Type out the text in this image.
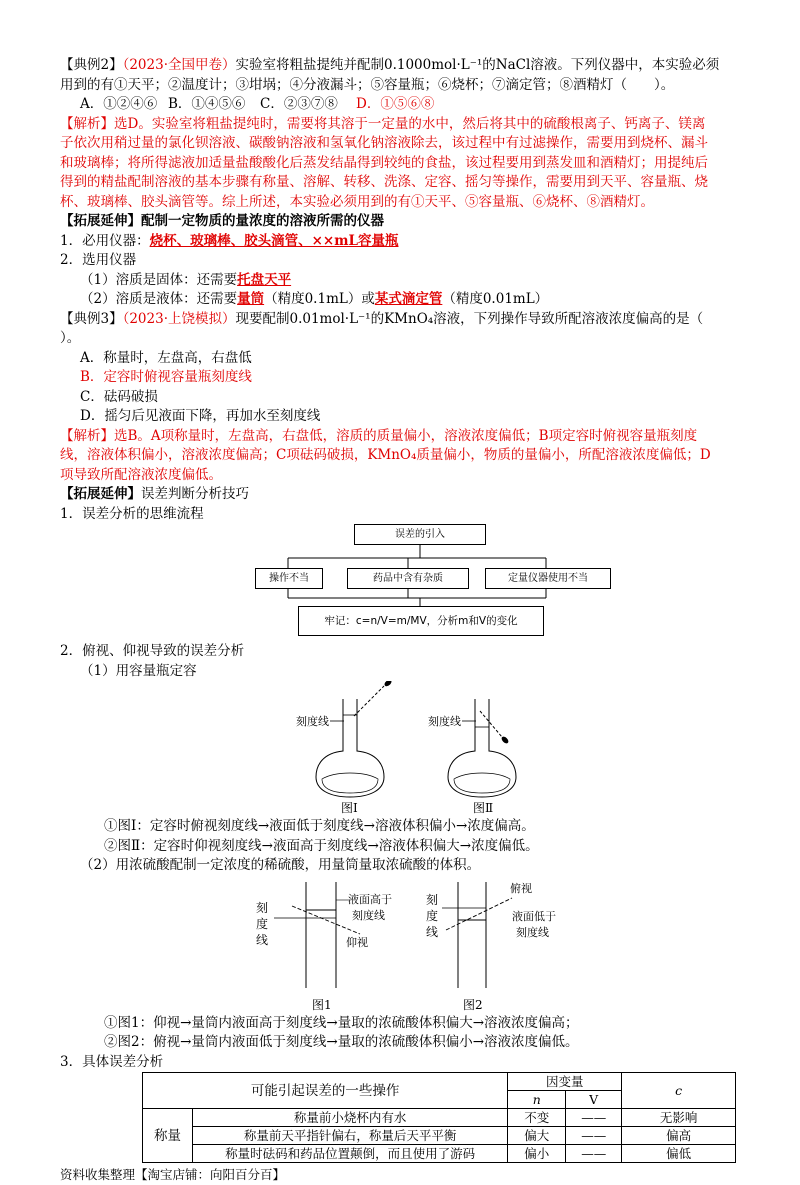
【典例2】（2023·全国甲卷）实验室将粗盐提纯并配制0.1000mol·L⁻¹的NaCl溶液。下列仪器中，本实验必须
用到的有①天平；②温度计；③坩埚；④分液漏斗；⑤容量瓶；⑥烧杯；⑦滴定管；⑧酒精灯（　　）。
A．①②④⑥ B．①④⑤⑥ C．②③⑦⑧ D．①⑤⑥⑧
【解析】选D。实验室将粗盐提纯时，需要将其溶于一定量的水中，然后将其中的硫酸根离子、钙离子、镁离
子依次用稍过量的氯化钡溶液、碳酸钠溶液和氢氧化钠溶液除去，该过程中有过滤操作，需要用到烧杯、漏斗
和玻璃棒；将所得滤液加适量盐酸酸化后蒸发结晶得到较纯的食盐，该过程要用到蒸发皿和酒精灯；用提纯后
得到的精盐配制溶液的基本步骤有称量、溶解、转移、洗涤、定容、摇匀等操作，需要用到天平、容量瓶、烧
杯、玻璃棒、胶头滴管等。综上所述，本实验必须用到的有①天平、⑤容量瓶、⑥烧杯、⑧酒精灯。
【拓展延伸】配制一定物质的量浓度的溶液所需的仪器
1．必用仪器：烧杯、玻璃棒、胶头滴管、××mL容量瓶
2．选用仪器
（1）溶质是固体：还需要托盘天平
（2）溶质是液体：还需要量筒（精度0.1mL）或某式滴定管（精度0.01mL）
【典例3】（2023·上饶模拟）现要配制0.01mol·L⁻¹的KMnO₄溶液，下列操作导致所配溶液浓度偏高的是（
）。
A．称量时，左盘高，右盘低
B．定容时俯视容量瓶刻度线
C．砝码破损
D．摇匀后见液面下降，再加水至刻度线
【解析】选B。A项称量时，左盘高，右盘低，溶质的质量偏小，溶液浓度偏低；B项定容时俯视容量瓶刻度
线，溶液体积偏小，溶液浓度偏高；C项砝码破损，KMnO₄质量偏小，物质的量偏小，所配溶液浓度偏低；D
项导致所配溶液浓度偏低。
【拓展延伸】误差判断分析技巧
1．误差分析的思维流程
误差的引入
操作不当	药品中含有杂质	定量仪器使用不当
牢记：c=n/V=m/MV，分析m和V的变化
2．俯视、仰视导致的误差分析
（1）用容量瓶定容
刻度线	刻度线
图Ⅰ	图Ⅱ
①图Ⅰ：定容时俯视刻度线→液面低于刻度线→溶液体积偏小→浓度偏高。
②图Ⅱ：定容时仰视刻度线→液面高于刻度线→溶液体积偏大→浓度偏低。
（2）用浓硫酸配制一定浓度的稀硫酸，用量筒量取浓硫酸的体积。
刻
度
线
液面高于
刻度线
仰视
刻
度
线
俯视
液面低于
刻度线
图1	图2
①图1：仰视→量筒内液面高于刻度线→量取的浓硫酸体积偏大→溶液浓度偏高；
②图2：俯视→量筒内液面低于刻度线→量取的浓硫酸体积偏小→溶液浓度偏低。
3．具体误差分析
可能引起误差的一些操作		因变量		c
		n	V	
称量	称量前小烧杯内有水	不变	——	无影响
	称量前天平指针偏右，称量后天平平衡	偏大	——	偏高
	称量时砝码和药品位置颠倒，而且使用了游码	偏小	——	偏低
资料收集整理【淘宝店铺：向阳百分百】
